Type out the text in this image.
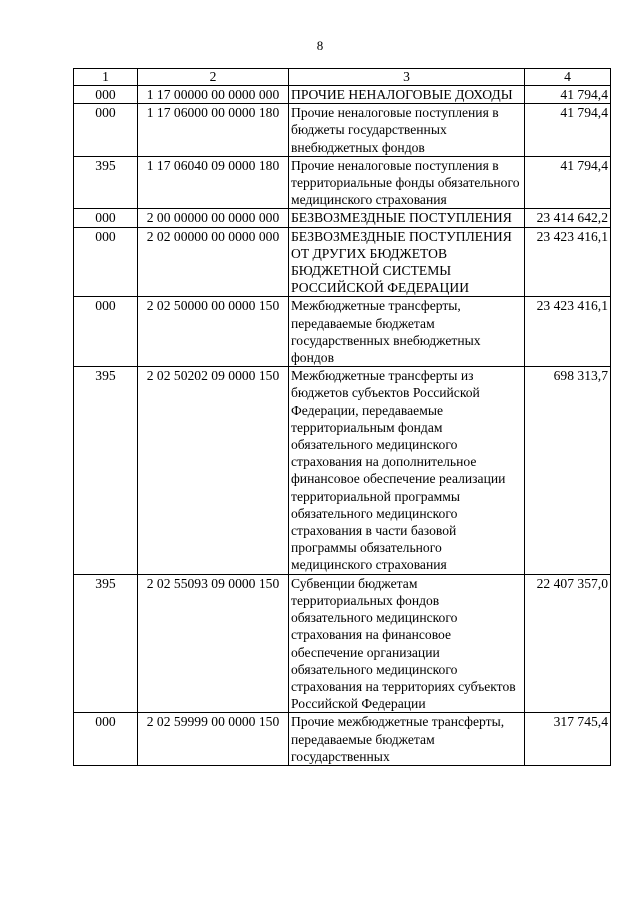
8
1	2	3	4
000	1 17 00000 00 0000 000	ПРОЧИЕ НЕНАЛОГОВЫЕ ДОХОДЫ	41 794,4
000	1 17 06000 00 0000 180	Прочие неналоговые поступления в бюджеты государственных внебюджетных фондов	41 794,4
395	1 17 06040 09 0000 180	Прочие неналоговые поступления в территориальные фонды обязательного медицинского страхования	41 794,4
000	2 00 00000 00 0000 000	БЕЗВОЗМЕЗДНЫЕ ПОСТУПЛЕНИЯ	23 414 642,2
000	2 02 00000 00 0000 000	БЕЗВОЗМЕЗДНЫЕ ПОСТУПЛЕНИЯ ОТ ДРУГИХ БЮДЖЕТОВ БЮДЖЕТНОЙ СИСТЕМЫ РОССИЙСКОЙ ФЕДЕРАЦИИ	23 423 416,1
000	2 02 50000 00 0000 150	Межбюджетные трансферты, передаваемые бюджетам государственных внебюджетных фондов	23 423 416,1
395	2 02 50202 09 0000 150	Межбюджетные трансферты из бюджетов субъектов Российской Федерации, передаваемые территориальным фондам обязательного медицинского страхования на дополнительное финансовое обеспечение реализации территориальной программы обязательного медицинского страхования в части базовой программы обязательного медицинского страхования	698 313,7
395	2 02 55093 09 0000 150	Субвенции бюджетам территориальных фондов обязательного медицинского страхования на финансовое обеспечение организации обязательного медицинского страхования на территориях субъектов Российской Федерации	22 407 357,0
000	2 02 59999 00 0000 150	Прочие межбюджетные трансферты, передаваемые бюджетам государственных	317 745,4
